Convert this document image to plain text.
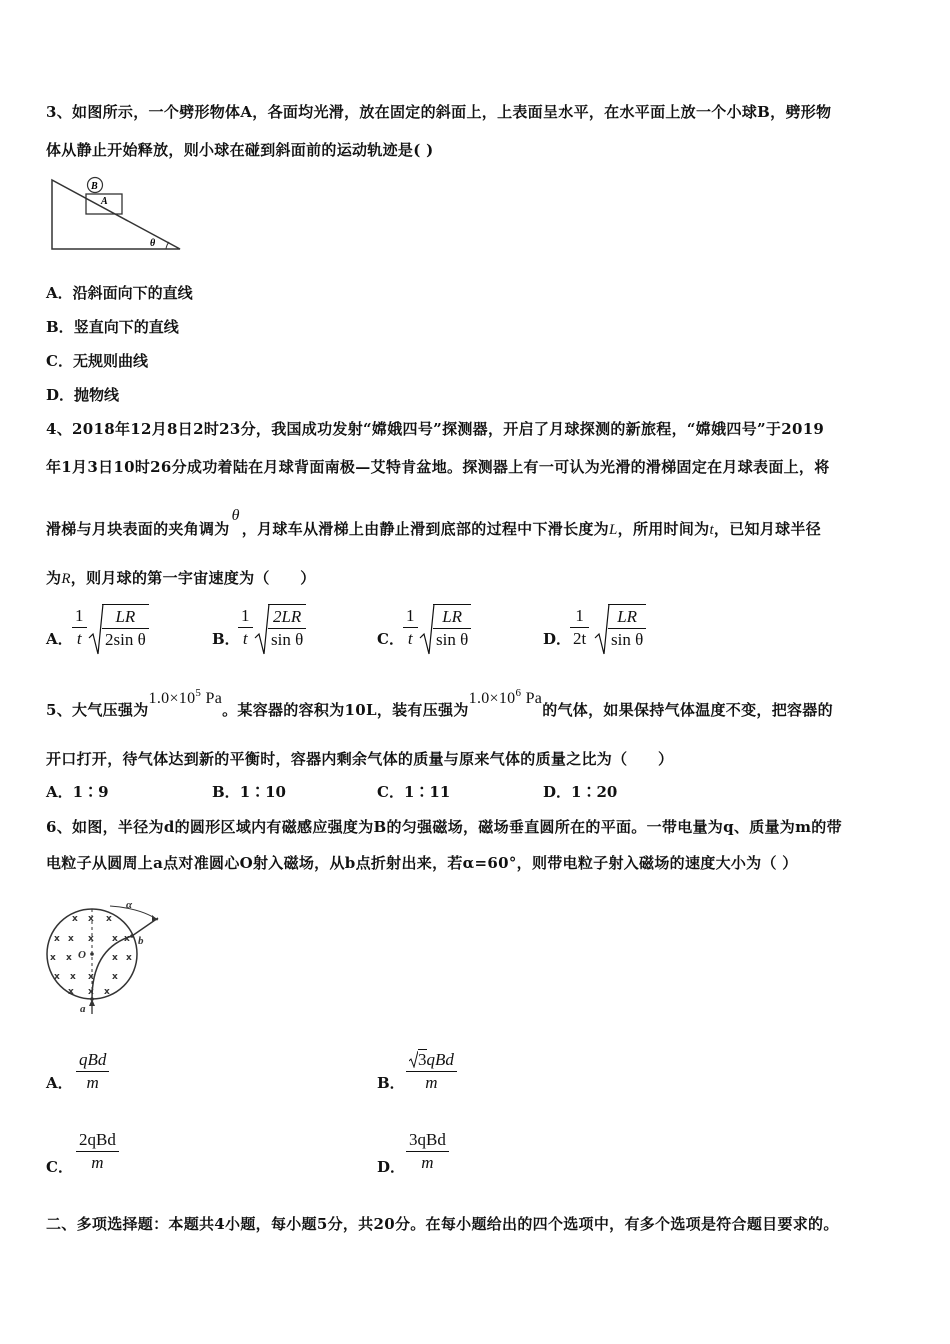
3、如图所示，一个劈形物体A，各面均光滑，放在固定的斜面上，上表面呈水平，在水平面上放一个小球B，劈形物
体从静止开始释放，则小球在碰到斜面前的运动轨迹是( )
B
A
θ
A．沿斜面向下的直线
B．竖直向下的直线
C．无规则曲线
D．抛物线
4、2018年12月8日2时23分，我国成功发射“嫦娥四号”探测器，开启了月球探测的新旅程，“嫦娥四号”于2019
年1月3日10时26分成功着陆在月球背面南极—艾特肯盆地。探测器上有一可认为光滑的滑梯固定在月球表面上，将
滑梯与月块表面的夹角调为θ，月球车从滑梯上由静止滑到底部的过程中下滑长度为L，所用时间为t，已知月球半径
为R，则月球的第一宇宙速度为（　　）
A．
1
t
LR
2sin θ	B．
1
t
2LR
sin θ	C．
1
t
LR
sin θ	D．
1
2t
LR
sin θ
5、大气压强为$1.0\times 10^5$ Pa。某容器的容积为10L，装有压强为$1.0\times 10^6$ Pa的气体，如果保持气体温度不变，把容器的
开口打开，待气体达到新的平衡时，容器内剩余气体的质量与原来气体的质量之比为（　　）
A．1∶9	B．1∶10	C．1∶11	D．1∶20
6、如图，半径为d的圆形区域内有磁感应强度为B的匀强磁场，磁场垂直圆所在的平面。一带电量为q、质量为m的带
电粒子从圆周上a点对准圆心O射入磁场，从b点折射出来，若α=60°，则带电粒子射入磁场的速度大小为（ ）
x x x
x x x x x
x x	x x
x x x x
x x x
α
b
O
a
A．
qBd
m	B．
3qBd
m
C．
2qBd
m	D．
3qBd
m
二、多项选择题：本题共4小题，每小题5分，共20分。在每小题给出的四个选项中，有多个选项是符合题目要求的。
